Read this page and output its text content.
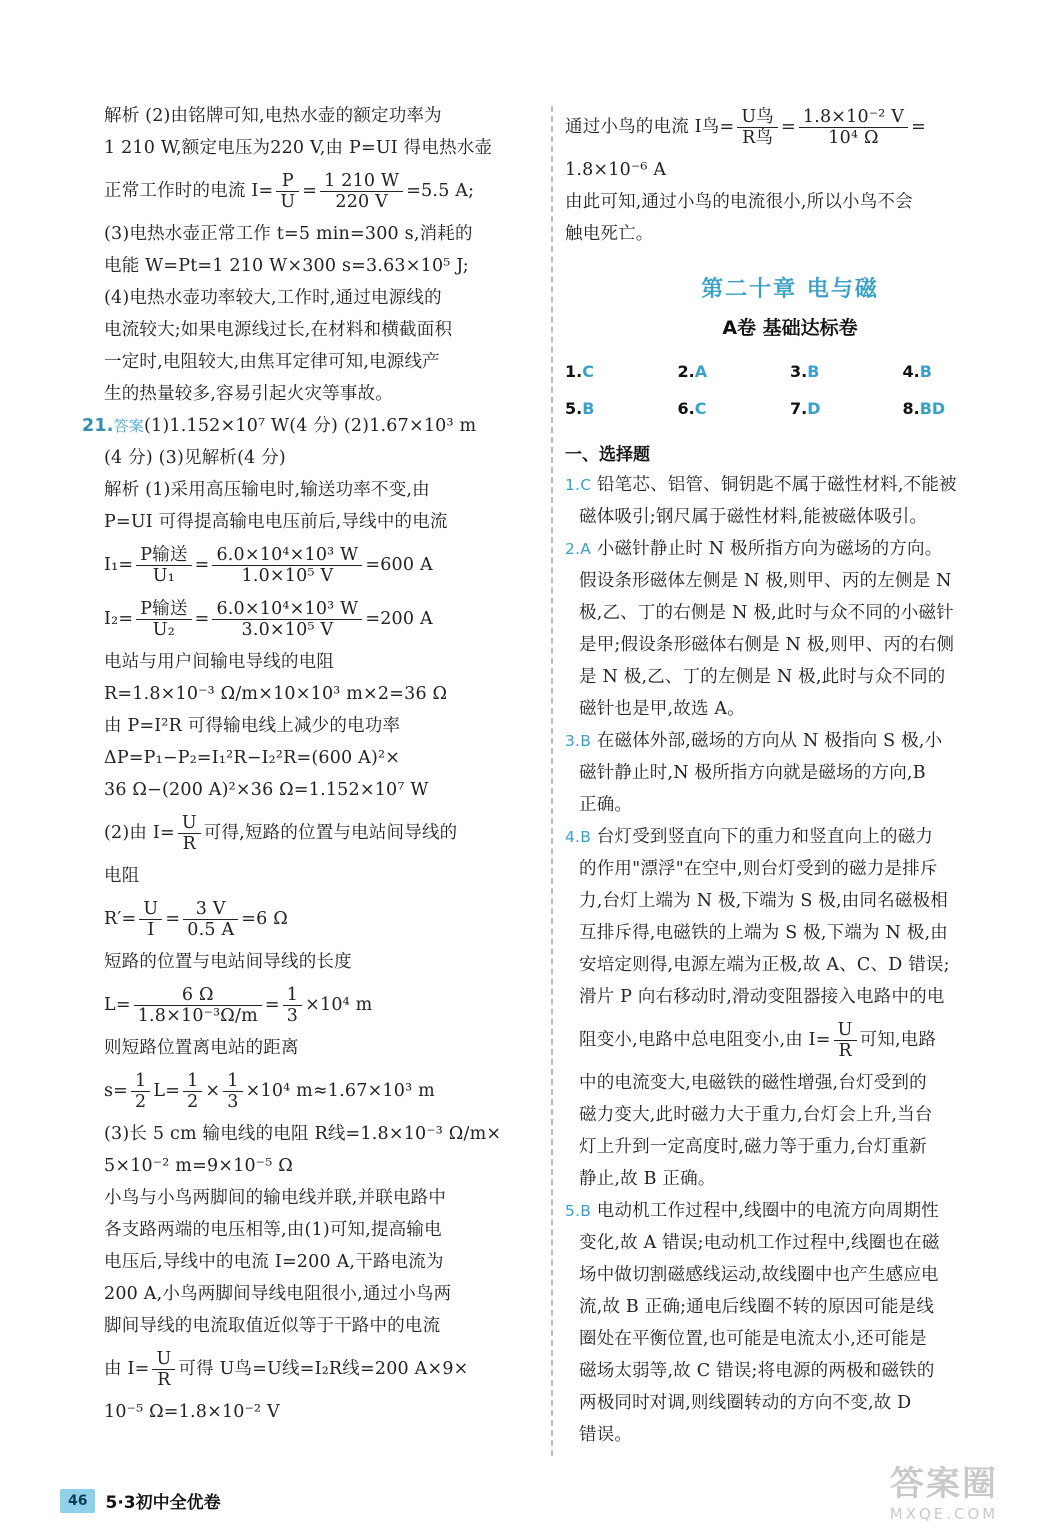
解析 (2)由铭牌可知,电热水壶的额定功率为
1 210 W,额定电压为220 V,由 P=UI 得电热水壶
正常工作时的电流 $I= \frac{P}{U} = \frac{1 210 W}{220 V} =5.5$ A;
(3)电热水壶正常工作 t=5 min=300 s,消耗的
电能 W=Pt=1 210 W×300 s=3.63×10⁵ J;
(4)电热水壶功率较大,工作时,通过电源线的
电流较大;如果电源线过长,在材料和横截面积
一定时,电阻较大,由焦耳定律可知,电源线产
生的热量较多,容易引起火灾等事故。
21.答案(1)1.152×10⁷ W(4 分) (2)1.67×10³ m
(4 分) (3)见解析(4 分)
解析 (1)采用高压输电时,输送功率不变,由
P=UI 可得提高输电电压前后,导线中的电流
$I_1= \frac{\text{P输送}}{\text{U₁}} = \frac{\text{6.0×10⁴×10³ W}}{\text{1.0×10⁵ V}} =600$ A
$I_2= \frac{\text{P输送}}{\text{U₂}} = \frac{\text{6.0×10⁴×10³ W}}{\text{3.0×10⁵ V}} =200$ A
电站与用户间输电导线的电阻
R=1.8×10⁻³ Ω/m×10×10³ m×2=36 Ω
由 P=I²R 可得输电线上减少的电功率
ΔP=P₁−P₂=I₁²R−I₂²R=(600 A)²×
36 Ω−(200 A)²×36 Ω=1.152×10⁷ W
(2)由 $I= \frac{U}{R}$ 可得,短路的位置与电站间导线的
电阻
$R'= \frac{U}{I} = \frac{3 V}{0.5 A} =6$ Ω
短路的位置与电站间导线的长度
$L= \frac{6 \Omega}{\text{1.8×10⁻³Ω/m}} = \frac{1}{3} \times 10^4$ m
则短路位置离电站的距离
$s= \frac{1}{2} L= \frac{1}{2} \times \frac{1}{3} \times 10^4$ m≈1.67×10³ m
(3)长 5 cm 输电线的电阻 R线=1.8×10⁻³ Ω/m×
5×10⁻² m=9×10⁻⁵ Ω
小鸟与小鸟两脚间的输电线并联,并联电路中
各支路两端的电压相等,由(1)可知,提高输电
电压后,导线中的电流 I=200 A,干路电流为
200 A,小鸟两脚间导线电阻很小,通过小鸟两
脚间导线的电流取值近似等于干路中的电流
由 $I= \frac{U}{R}$ 可得 U鸟=U线=I₂R线=200 A×9×
10⁻⁵ Ω=1.8×10⁻² V
通过小鸟的电流 I鸟= $\frac{\text{U鸟}}{\text{R鸟}} = \frac{\text{1.8×10⁻² V}}{\text{10⁴ Ω}}$ =
1.8×10⁻⁶ A
由此可知,通过小鸟的电流很小,所以小鸟不会
触电死亡。
第二十章 电与磁
A卷 基础达标卷
1.C	2.A	3.B	4.B
5.B	6.C	7.D	8.BD
一、选择题
1.C 铅笔芯、铝管、铜钥匙不属于磁性材料,不能被
磁体吸引;钢尺属于磁性材料,能被磁体吸引。
2.A 小磁针静止时 N 极所指方向为磁场的方向。
假设条形磁体左侧是 N 极,则甲、丙的左侧是 N
极,乙、丁的右侧是 N 极,此时与众不同的小磁针
是甲;假设条形磁体右侧是 N 极,则甲、丙的右侧
是 N 极,乙、丁的左侧是 N 极,此时与众不同的
磁针也是甲,故选 A。
3.B 在磁体外部,磁场的方向从 N 极指向 S 极,小
磁针静止时,N 极所指方向就是磁场的方向,B
正确。
4.B 台灯受到竖直向下的重力和竖直向上的磁力
的作用"漂浮"在空中,则台灯受到的磁力是排斥
力,台灯上端为 N 极,下端为 S 极,由同名磁极相
互排斥得,电磁铁的上端为 S 极,下端为 N 极,由
安培定则得,电源左端为正极,故 A、C、D 错误;
滑片 P 向右移动时,滑动变阻器接入电路中的电
阻变小,电路中总电阻变小,由 $I= \frac{U}{R}$ 可知,电路
中的电流变大,电磁铁的磁性增强,台灯受到的
磁力变大,此时磁力大于重力,台灯会上升,当台
灯上升到一定高度时,磁力等于重力,台灯重新
静止,故 B 正确。
5.B 电动机工作过程中,线圈中的电流方向周期性
变化,故 A 错误;电动机工作过程中,线圈也在磁
场中做切割磁感线运动,故线圈中也产生感应电
流,故 B 正确;通电后线圈不转的原因可能是线
圈处在平衡位置,也可能是电流太小,还可能是
磁场太弱等,故 C 错误;将电源的两极和磁铁的
两极同时对调,则线圈转动的方向不变,故 D
错误。
46	5·3初中全优卷	答案圈
MXQE.COM
